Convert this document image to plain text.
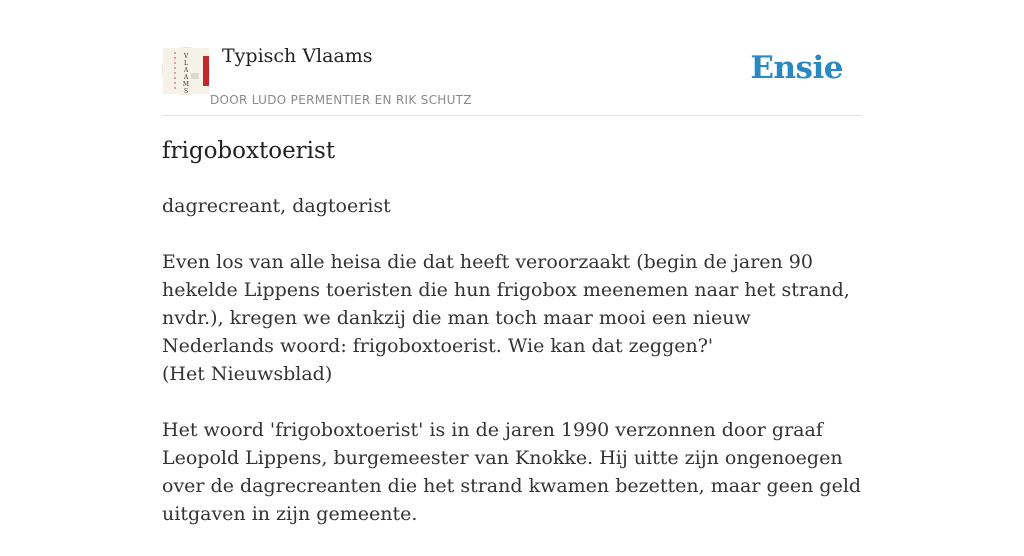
V
L
A
A
M
S
Typisch Vlaams
DOOR LUDO PERMENTIER EN RIK SCHUTZ
Ensie
frigoboxtoerist

dagrecreant, dagtoerist

Even los van alle heisa die dat heeft veroorzaakt (begin de jaren 90 hekelde Lippens toeristen die hun frigobox meenemen naar het strand, nvdr.), kregen we dankzij die man toch maar mooi een nieuw Nederlands woord: frigoboxtoerist. Wie kan dat zeggen?'
(Het Nieuwsblad)

Het woord 'frigoboxtoerist' is in de jaren 1990 verzonnen door graaf Leopold Lippens, burgemeester van Knokke. Hij uitte zijn ongenoegen over de dagrecreanten die het strand kwamen bezetten, maar geen geld uitgaven in zijn gemeente.
